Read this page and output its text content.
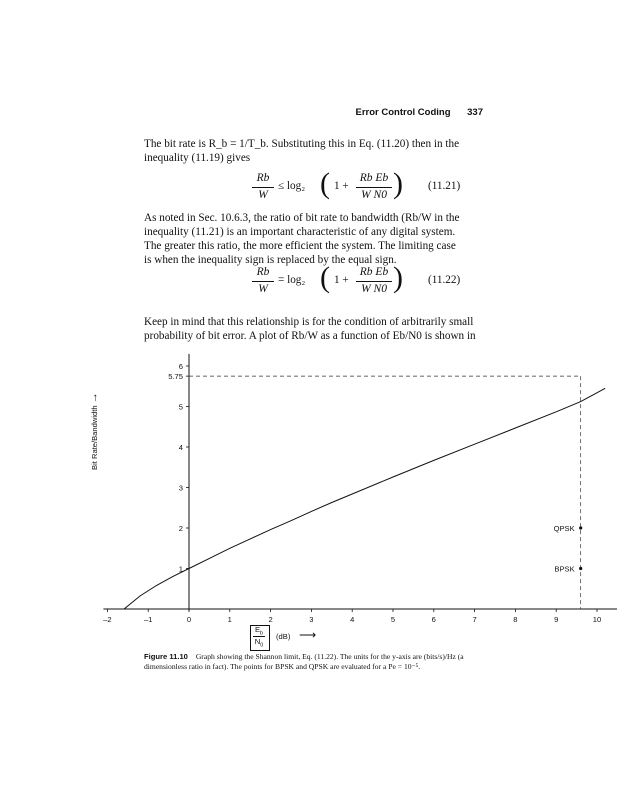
Error Control Coding 337
The bit rate is R_b = 1/T_b. Substituting this in Eq. (11.20) then in the
inequality (11.19) gives
Rb
W
≤ log₂ ( 1 +
Rb Eb
W N0 ) (11.21)
As noted in Sec. 10.6.3, the ratio of bit rate to bandwidth (Rb/W in the
inequality (11.21) is an important characteristic of any digital system.
The greater this ratio, the more efficient the system. The limiting case
is when the inequality sign is replaced by the equal sign.
Rb
W
= log₂ ( 1 +
Rb Eb
W N0 ) (11.22)
Keep in mind that this relationship is for the condition of arbitrarily small
probability of bit error. A plot of Rb/W as a function of Eb/N0 is shown in
–2	–1	0	1	2	3	4	5	6	7	8	9	10
1
2
3
4
5
5.75
6
QPSK
BPSK
Bit Rate/Bandwidth →
$E_b$
$N_0$
(dB) ⟶
Figure 11.10 Graph showing the Shannon limit, Eq. (11.22). The units for the y-axis are (bits/s)/Hz (a dimensionless ratio in fact). The points for BPSK and QPSK are evaluated for a Pe = 10⁻⁵.
